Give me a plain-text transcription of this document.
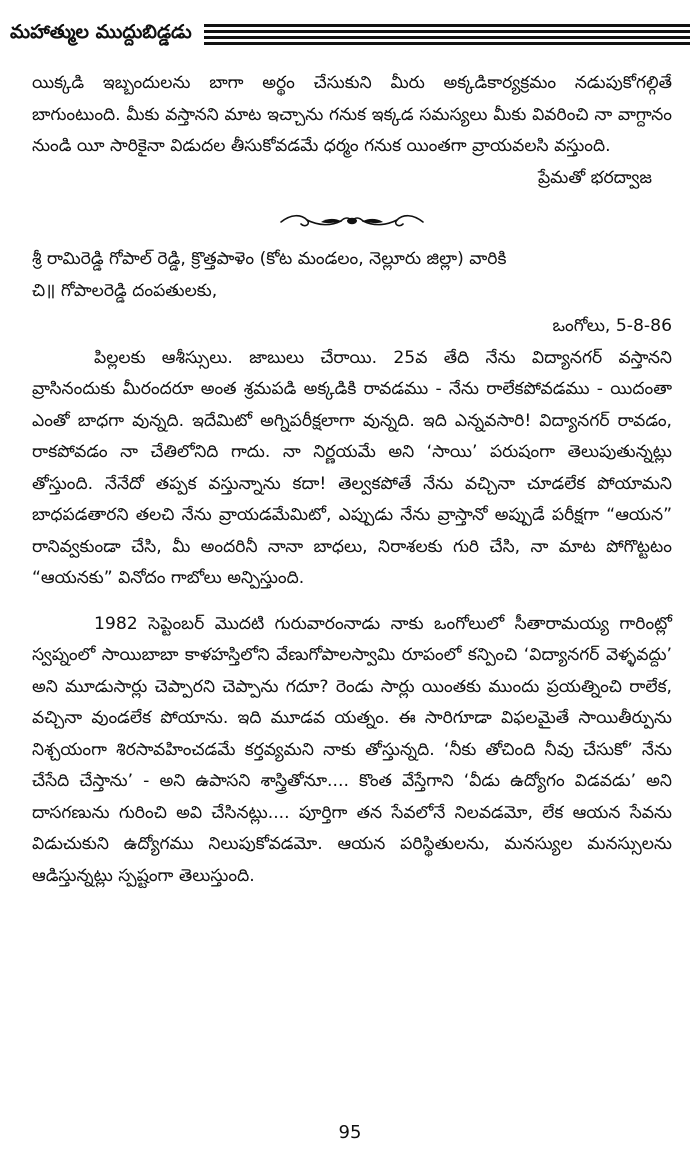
మహాత్ముల ముద్దుబిడ్డడు

యిక్కడి ఇబ్బందులను బాగా అర్థం చేసుకుని మీరు అక్కడికార్యక్రమం నడుపుకోగల్గితే బాగుంటుంది. మీకు వస్తానని మాట ఇచ్చాను గనుక ఇక్కడ సమస్యలు మీకు వివరించి నా వాగ్దానం నుండి యీ సారికైనా విడుదల తీసుకోవడమే ధర్మం గనుక యింతగా వ్రాయవలసి వస్తుంది.

ప్రేమతో భరద్వాజ

శ్రీ రామిరెడ్డి గోపాల్ రెడ్డి, క్రొత్తపాళెం (కోట మండలం, నెల్లూరు జిల్లా) వారికి

చి॥ గోపాలరెడ్డి దంపతులకు,

ఒంగోలు, 5-8-86

పిల్లలకు ఆశీస్సులు. జాబులు చేరాయి. 25వ తేది నేను విద్యానగర్ వస్తానని వ్రాసినందుకు మీరందరూ అంత శ్రమపడి అక్కడికి రావడము - నేను రాలేకపోవడము - యిదంతా ఎంతో బాధగా వున్నది. ఇదేమిటో అగ్నిపరీక్షలాగా వున్నది. ఇది ఎన్నవసారి! విద్యానగర్ రావడం, రాకపోవడం నా చేతిలోనిది గాదు. నా నిర్ణయమే అని ‘సాయి’ పరుషంగా తెలుపుతున్నట్లు తోస్తుంది. నేనేదో తప్పక వస్తున్నాను కదా! తెల్వకపోతే నేను వచ్చినా చూడలేక పోయామని బాధపడతారని తలచి నేను వ్రాయడమేమిటో, ఎప్పుడు నేను వ్రాస్తానో అప్పుడే పరీక్షగా “ఆయన” రానివ్వకుండా చేసి, మీ అందరినీ నానా బాధలు, నిరాశలకు గురి చేసి, నా మాట పోగొట్టటం “ఆయనకు” వినోదం గాబోలు అన్పిస్తుంది.

1982 సెప్టెంబర్ మొదటి గురువారంనాడు నాకు ఒంగోలులో సీతారామయ్య గారింట్లో స్వప్నంలో సాయిబాబా కాళహస్తిలోని వేణుగోపాలస్వామి రూపంలో కన్పించి ‘విద్యానగర్ వెళ్ళవద్దు’ అని మూడుసార్లు చెప్పారని చెప్పాను గదూ? రెండు సార్లు యింతకు ముందు ప్రయత్నించి రాలేక, వచ్చినా వుండలేక పోయాను. ఇది మూడవ యత్నం. ఈ సారిగూడా విఫలమైతే సాయితీర్పును నిశ్చయంగా శిరసావహించడమే కర్తవ్యమని నాకు తోస్తున్నది. ‘నీకు తోచింది నీవు చేసుకో’ నేను చేసేది చేస్తాను’ - అని ఉపాసని శాస్త్రితోనూ.... కొంత వేస్తేగాని ‘వీడు ఉద్యోగం విడవడు’ అని దాసగణును గురించి అవి చేసినట్లు.... పూర్తిగా తన సేవలోనే నిలవడమో, లేక ఆయన సేవను విడుచుకుని ఉద్యోగము నిలుపుకోవడమో. ఆయన పరిస్థితులను, మనస్యుల మనస్సులను ఆడిస్తున్నట్లు స్పష్టంగా తెలుస్తుంది.

95
